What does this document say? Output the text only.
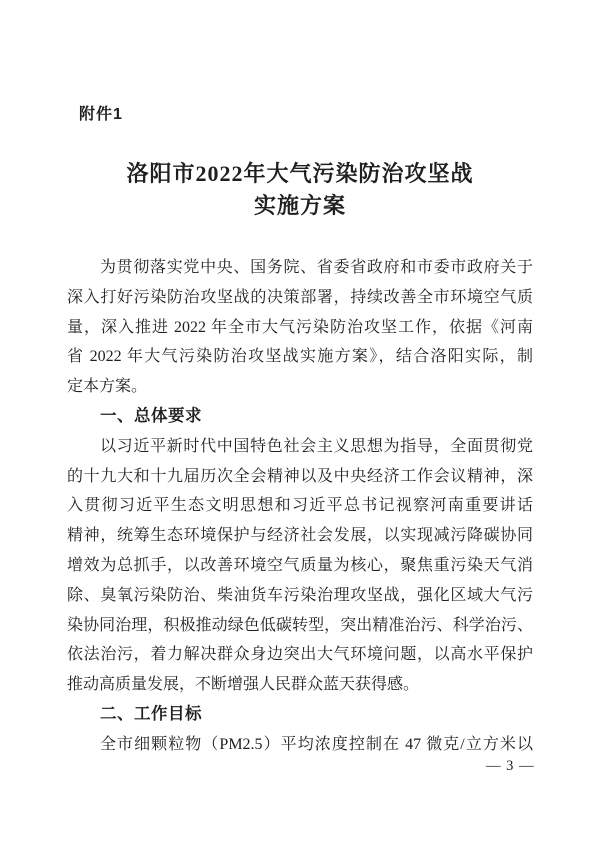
附件1
洛阳市2022年大气污染防治攻坚战
实施方案
为贯彻落实党中央、国务院、省委省政府和市委市政府关于
深入打好污染防治攻坚战的决策部署，持续改善全市环境空气质
量，深入推进 2022 年全市大气污染防治攻坚工作，依据《河南
省 2022 年大气污染防治攻坚战实施方案》，结合洛阳实际，制
定本方案。
一、总体要求
以习近平新时代中国特色社会主义思想为指导，全面贯彻党
的十九大和十九届历次全会精神以及中央经济工作会议精神，深
入贯彻习近平生态文明思想和习近平总书记视察河南重要讲话
精神，统筹生态环境保护与经济社会发展，以实现减污降碳协同
增效为总抓手，以改善环境空气质量为核心，聚焦重污染天气消
除、臭氧污染防治、柴油货车污染治理攻坚战，强化区域大气污
染协同治理，积极推动绿色低碳转型，突出精准治污、科学治污、
依法治污，着力解决群众身边突出大气环境问题，以高水平保护
推动高质量发展，不断增强人民群众蓝天获得感。
二、工作目标
全市细颗粒物（PM2.5）平均浓度控制在 47 微克/立方米以
— 3 —
